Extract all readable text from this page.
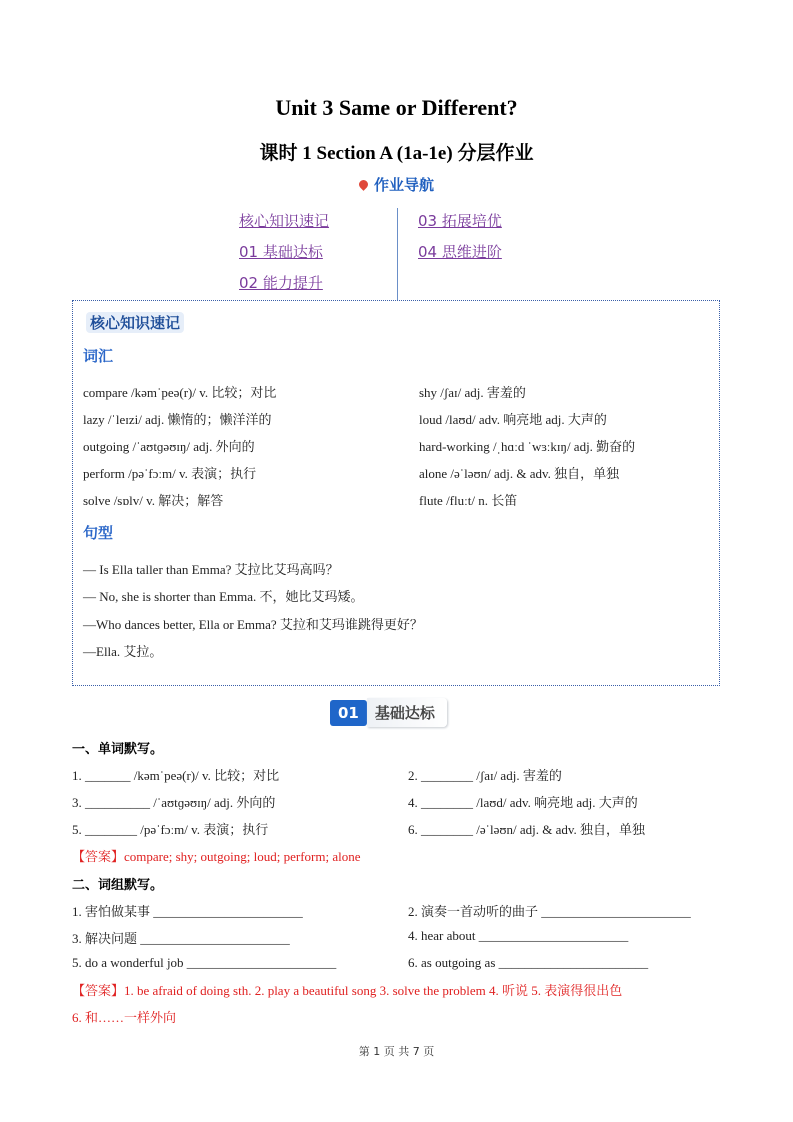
Unit 3 Same or Different?
课时 1 Section A (1a-1e) 分层作业
作业导航
核心知识速记
01 基础达标
02 能力提升
03 拓展培优
04 思维进阶
核心知识速记
词汇
compare /kəmˈpeə(r)/ v. 比较；对比
lazy /ˈleɪzi/ adj. 懒惰的；懒洋洋的
outgoing /ˈaʊtɡəʊɪŋ/ adj. 外向的
perform /pəˈfɔːm/ v. 表演；执行
solve /sɒlv/ v. 解决；解答
shy /ʃaɪ/ adj. 害羞的
loud /laʊd/ adv. 响亮地 adj. 大声的
hard-working /ˌhɑːd ˈwɜːkɪŋ/ adj. 勤奋的
alone /əˈləʊn/ adj. & adv. 独自，单独
flute /fluːt/ n. 长笛
句型
— Is Ella taller than Emma? 艾拉比艾玛高吗？
— No, she is shorter than Emma. 不，她比艾玛矮。
—Who dances better, Ella or Emma? 艾拉和艾玛谁跳得更好？
—Ella. 艾拉。
01 基础达标
一、单词默写。
1. _______ /kəmˈpeə(r)/ v. 比较；对比
3. __________ /ˈaʊtɡəʊɪŋ/ adj. 外向的
5. ________ /pəˈfɔːm/ v. 表演；执行
2. ________ /ʃaɪ/ adj. 害羞的
4. ________ /laʊd/ adv. 响亮地 adj. 大声的
6. ________ /əˈləʊn/ adj. & adv. 独自，单独
【答案】compare; shy; outgoing; loud; perform; alone
二、词组默写。
1. 害怕做某事 _______________________
3. 解决问题 _______________________
5. do a wonderful job _______________________
2. 演奏一首动听的曲子 _______________________
4. hear about _______________________
6. as outgoing as _______________________
【答案】1. be afraid of doing sth. 2. play a beautiful song 3. solve the problem 4. 听说 5. 表演得很出色
6. 和……一样外向
第 1 页 共 7 页
